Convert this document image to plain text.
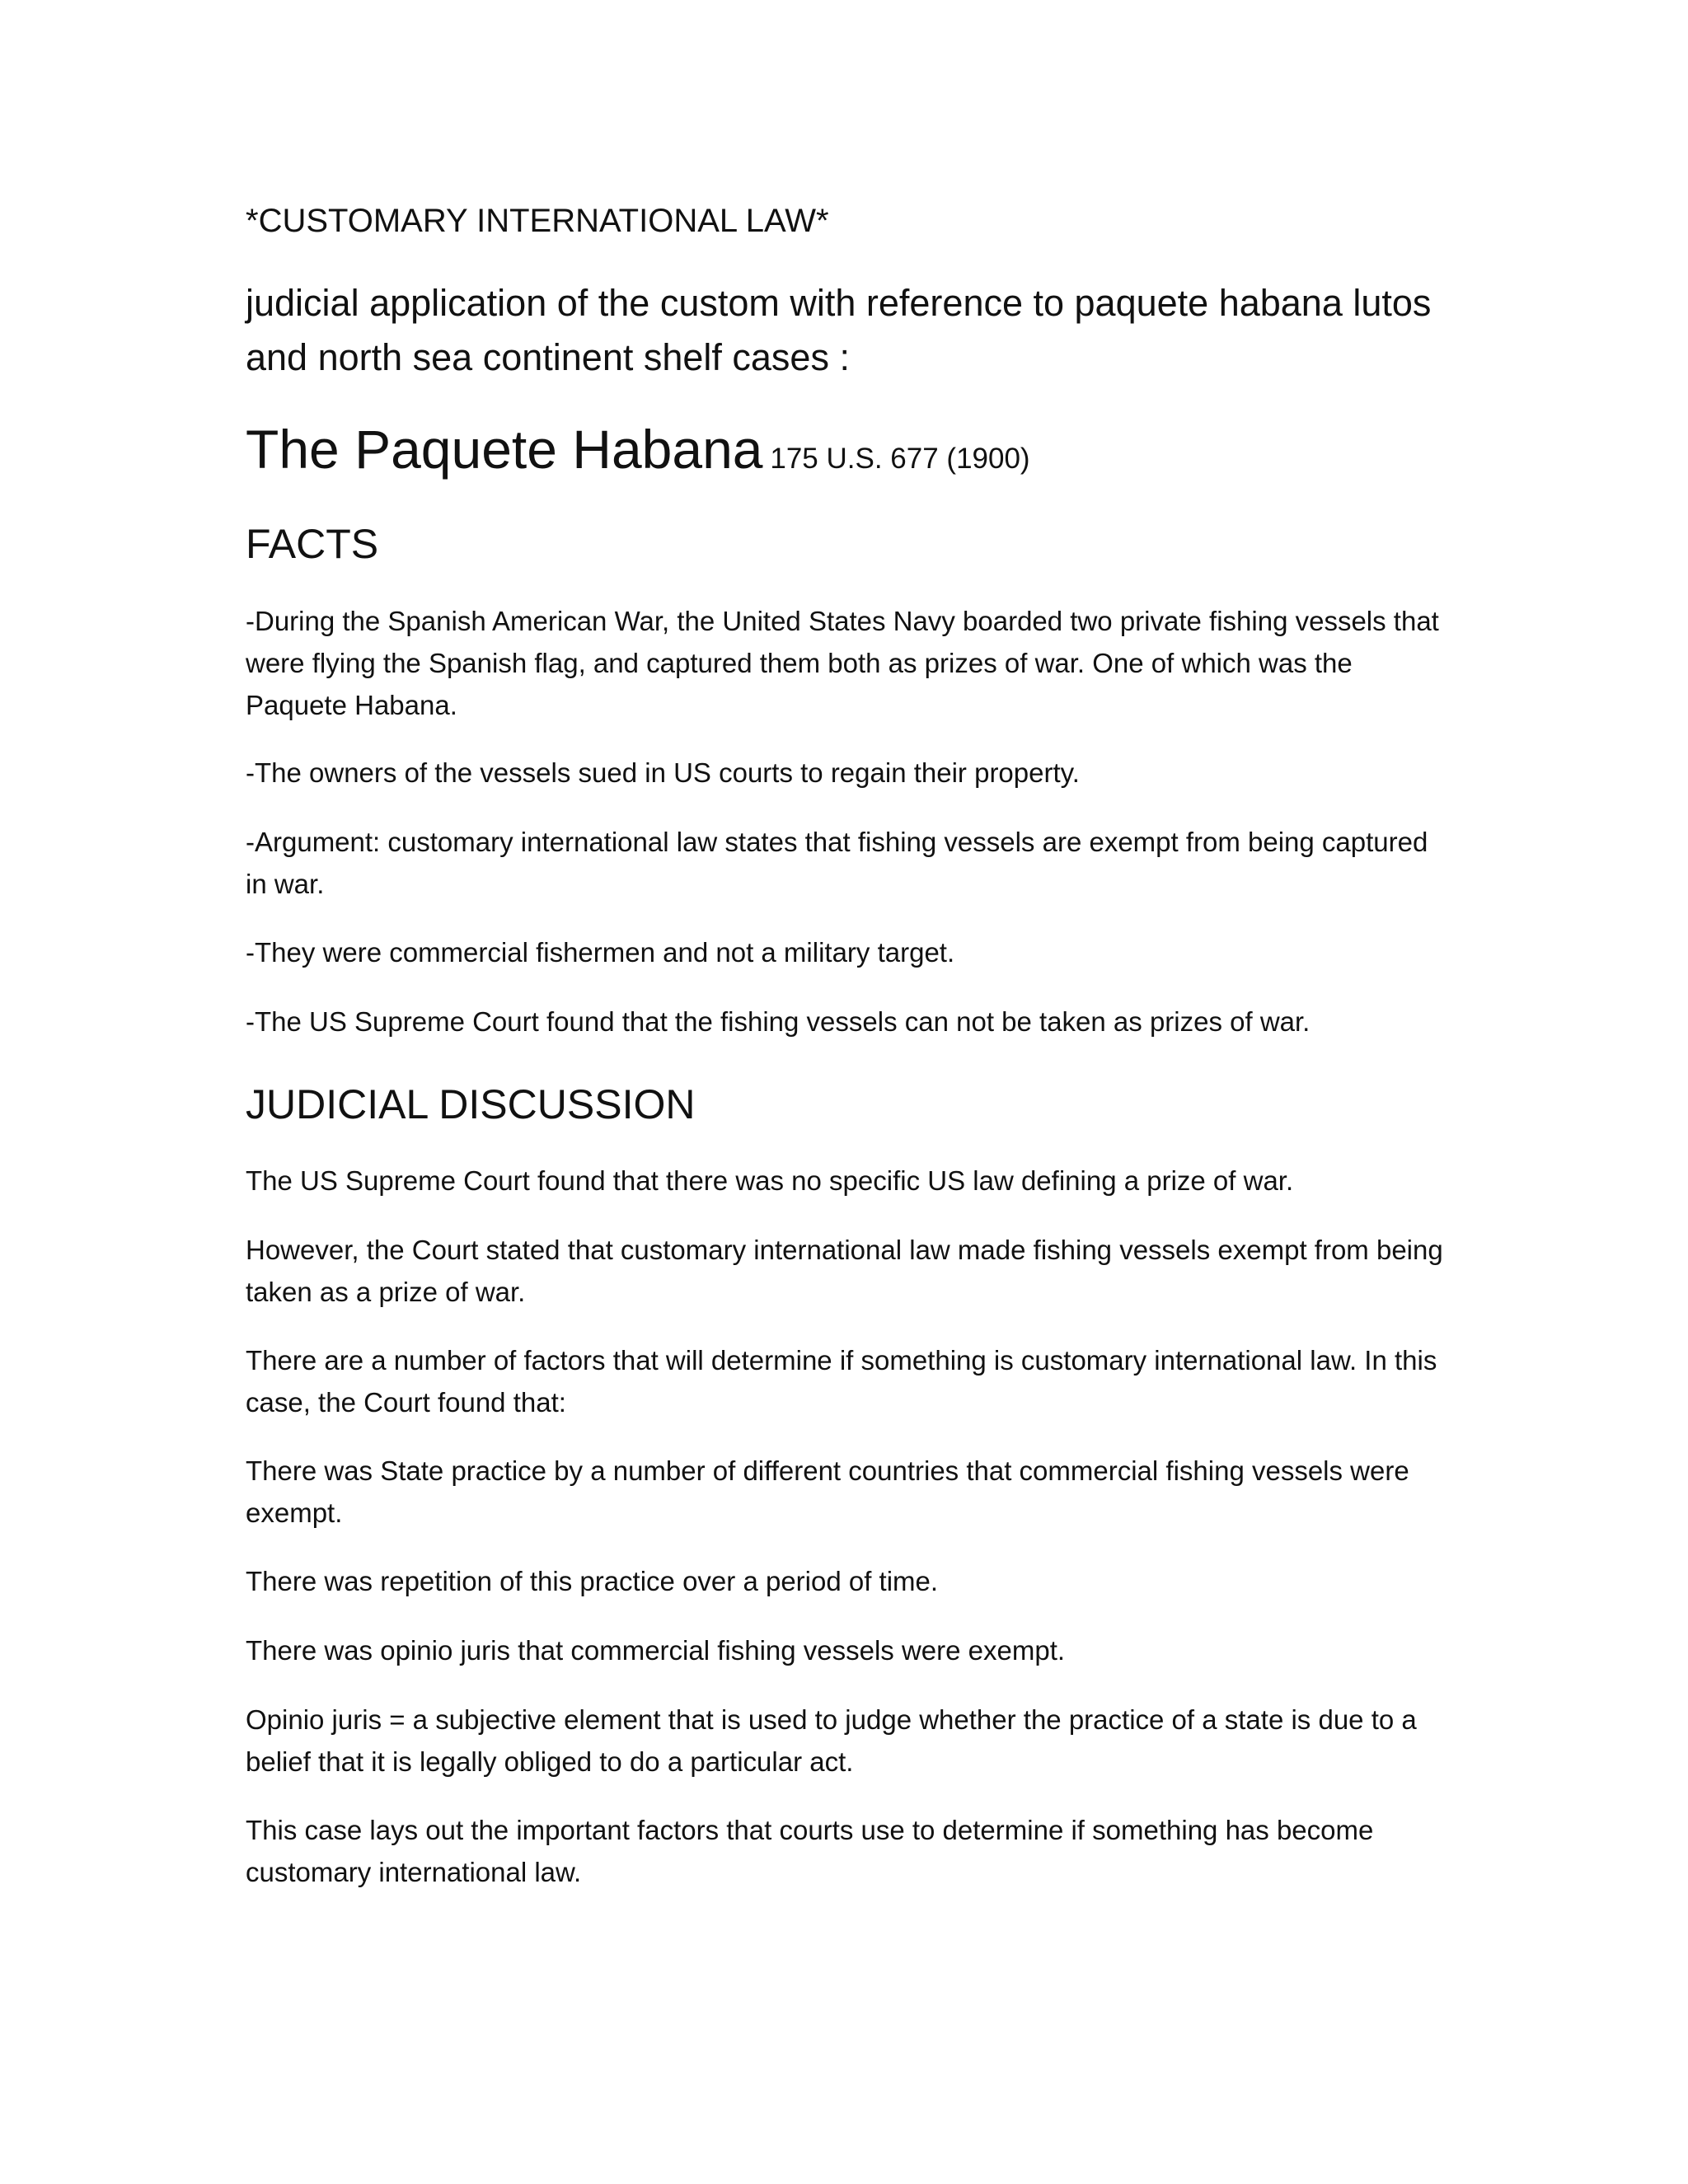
*CUSTOMARY INTERNATIONAL LAW*
judicial application of the custom with reference to paquete habana lutos and north sea continent shelf cases :
The Paquete Habana 175 U.S. 677 (1900)
FACTS

-During the Spanish American War, the United States Navy boarded two private fishing vessels that were flying the Spanish flag, and captured them both as prizes of war. One of which was the Paquete Habana.

-The owners of the vessels sued in US courts to regain their property.

-Argument: customary international law states that fishing vessels are exempt from being captured in war.

-They were commercial fishermen and not a military target.

-The US Supreme Court found that the fishing vessels can not be taken as prizes of war.

JUDICIAL DISCUSSION

The US Supreme Court found that there was no specific US law defining a prize of war.

However, the Court stated that customary international law made fishing vessels exempt from being taken as a prize of war.

There are a number of factors that will determine if something is customary international law. In this case, the Court found that:

There was State practice by a number of different countries that commercial fishing vessels were exempt.

There was repetition of this practice over a period of time.

There was opinio juris that commercial fishing vessels were exempt.

Opinio juris = a subjective element that is used to judge whether the practice of a state is due to a belief that it is legally obliged to do a particular act.

This case lays out the important factors that courts use to determine if something has become customary international law.
